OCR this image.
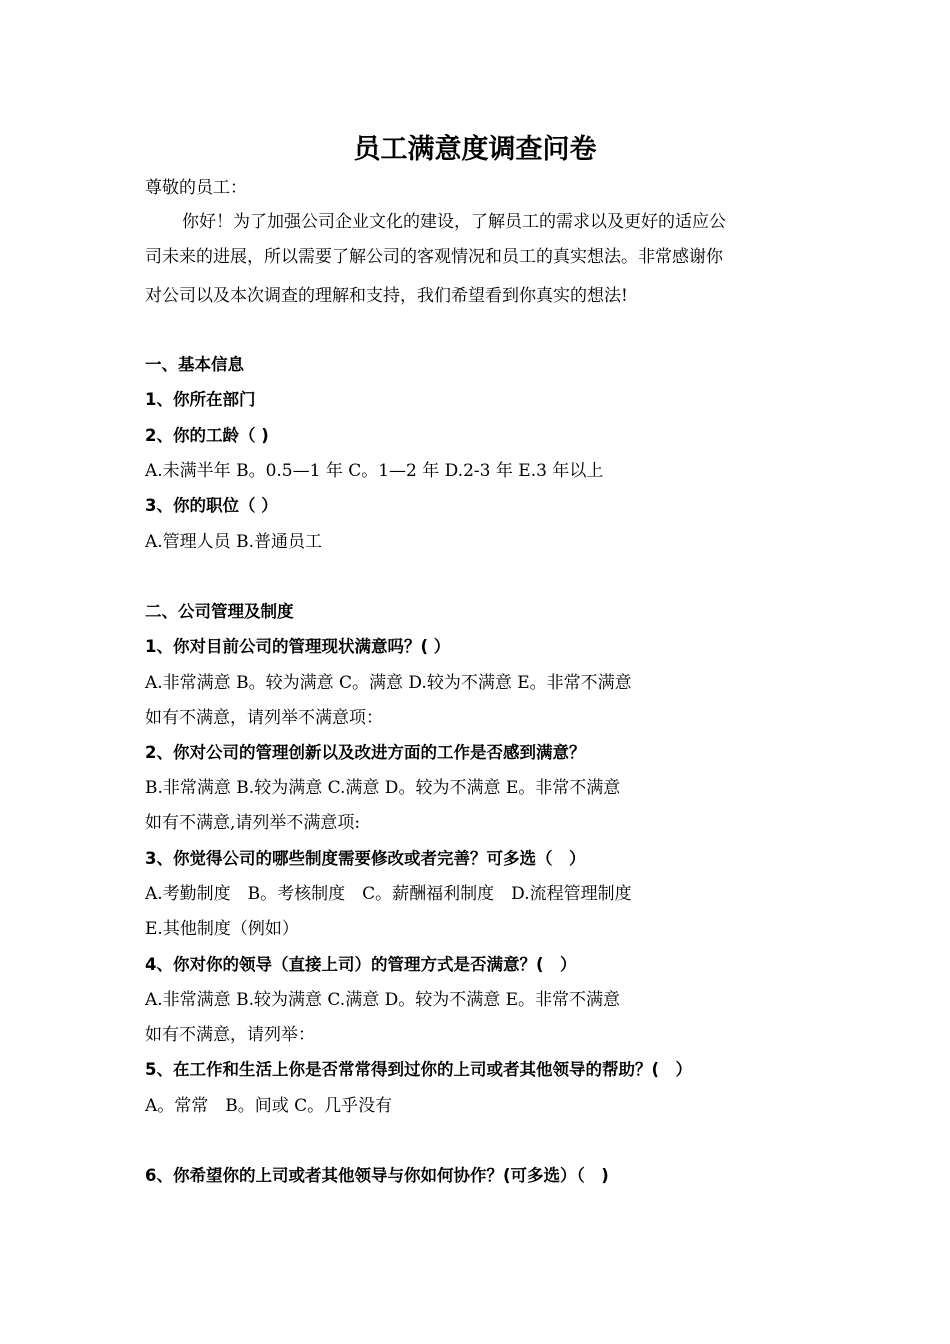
员工满意度调查问卷
尊敬的员工：
你好！为了加强公司企业文化的建设，了解员工的需求以及更好的适应公
司未来的进展，所以需要了解公司的客观情况和员工的真实想法。非常感谢你
对公司以及本次调查的理解和支持，我们希望看到你真实的想法!
一、基本信息
1、你所在部门
2、你的工龄（ )
A.未满半年 B。0.5—1 年 C。1—2 年 D.2-3 年 E.3 年以上
3、你的职位（ ）
A.管理人员 B.普通员工
二、公司管理及制度
1、你对目前公司的管理现状满意吗？( ）
A.非常满意 B。较为满意 C。满意 D.较为不满意 E。非常不满意
如有不满意，请列举不满意项：
2、你对公司的管理创新以及改进方面的工作是否感到满意？
B.非常满意 B.较为满意 C.满意 D。较为不满意 E。非常不满意
如有不满意,请列举不满意项:
3、你觉得公司的哪些制度需要修改或者完善？可多选（　）
A.考勤制度　B。考核制度　C。薪酬福利制度　D.流程管理制度
E.其他制度（例如）
4、你对你的领导（直接上司）的管理方式是否满意？(　）
A.非常满意 B.较为满意 C.满意 D。较为不满意 E。非常不满意
如有不满意，请列举：
5、在工作和生活上你是否常常得到过你的上司或者其他领导的帮助？(　）
A。常常　B。间或 C。几乎没有
6、你希望你的上司或者其他领导与你如何协作？(可多选）（　)
